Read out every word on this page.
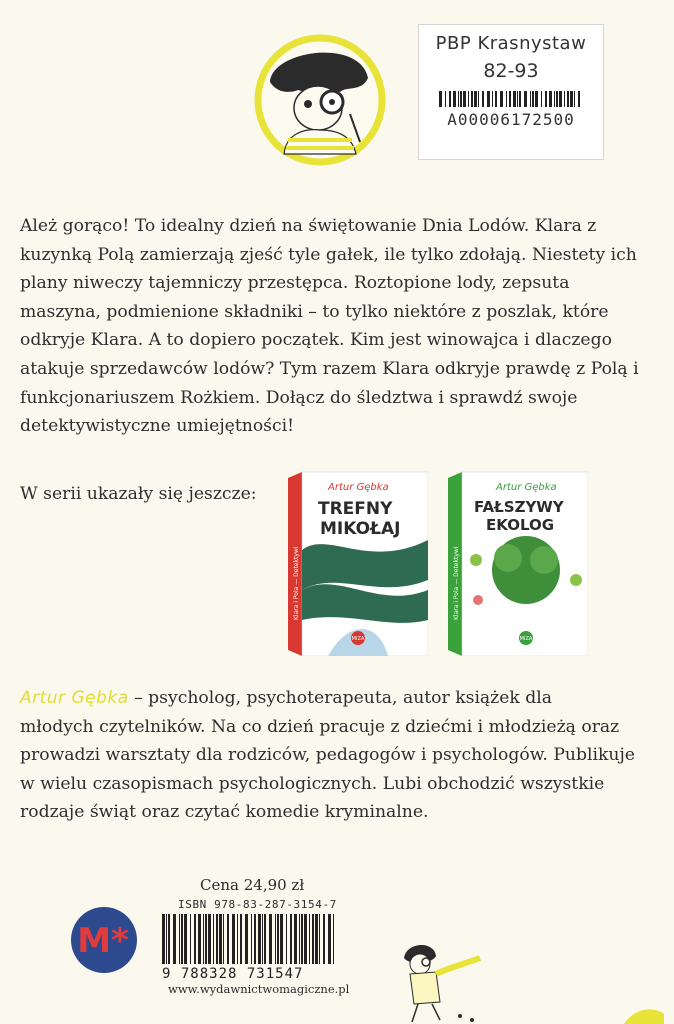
PBP Krasnystaw
82-93
A00006172500
Ależ gorąco! To idealny dzień na świętowanie Dnia Lodów. Klara z kuzynką Polą zamierzają zjeść tyle gałek, ile tylko zdołają. Niestety ich plany niweczy tajemniczy przestępca. Roztopione lody, zepsuta maszyna, podmienione składniki – to tylko niektóre z poszlak, które odkryje Klara. A to dopiero początek. Kim jest winowajca i dlaczego atakuje sprzedawców lodów? Tym razem Klara odkryje prawdę z Polą i funkcjonariuszem Rożkiem. Dołącz do śledztwa i sprawdź swoje detektywistyczne umiejętności!
W serii ukazały się jeszcze:	Artur Gębka
TREFNY
MIKOŁAJ
Klara i Pola — Detektywi
MIZA
Artur Gębka
FAŁSZYWY
EKOLOG
Klara i Pola — Detektywi
MIZA
Artur Gębka – psycholog, psychoterapeuta, autor książek dla
młodych czytelników. Na co dzień pracuje z dziećmi i młodzieżą oraz prowadzi warsztaty dla rodziców, pedagogów i psychologów. Publikuje w wielu czasopismach psychologicznych. Lubi obchodzić wszystkie rodzaje świąt oraz czytać komedie kryminalne.
Cena 24,90 zł
ISBN 978-83-287-3154-7
9 788328 731547
www.wydawnictwomagiczne.pl
M*
